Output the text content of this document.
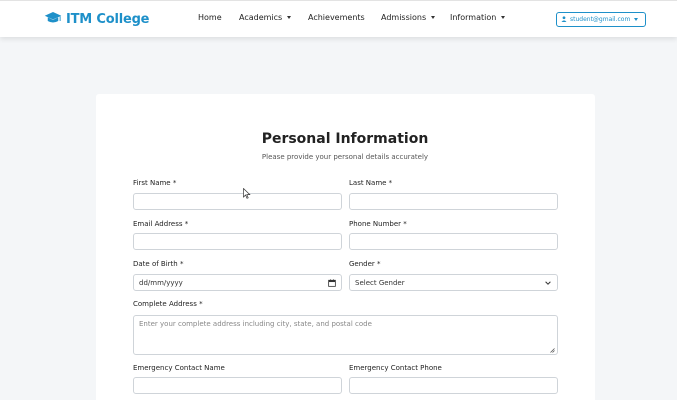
ITM College	Home Academics	Achievements Admissions	Information	student@gmail.com
Personal Information
Please provide your personal details accurately
First Name *	Last Name *
Email Address *	Phone Number *
Date of Birth *
dd/mm/yyyy
Gender *
Select Gender
Complete Address *
Enter your complete address including city, state, and postal code
Emergency Contact Name	Emergency Contact Phone
